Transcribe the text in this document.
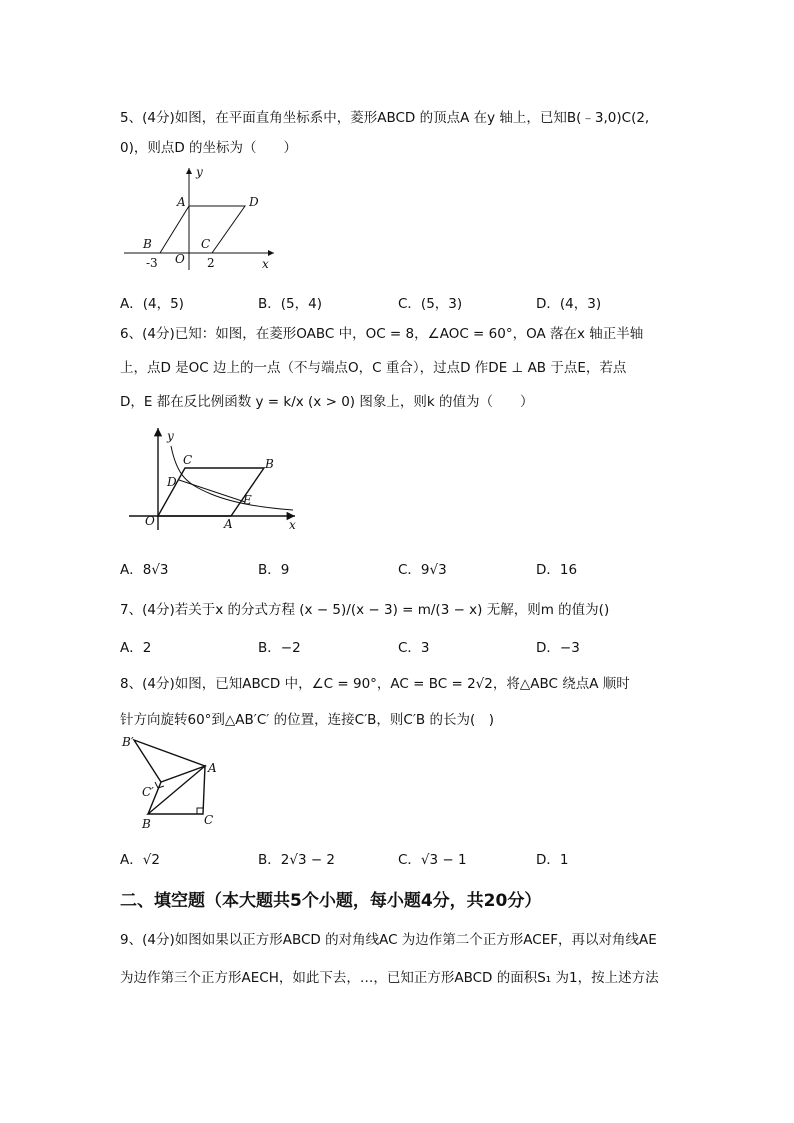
5、(4分)如图，在平面直角坐标系中，菱形ABCD 的顶点A 在y 轴上，已知B(﹣3,0)C(2,
0)，则点D 的坐标为（　　）
y
x
A	D
B	C
O
-3	2
A．(4，5)	B．(5，4)	C．(5，3)	D．(4，3)
6、(4分)已知：如图，在菱形OABC 中，OC = 8，∠AOC = 60°，OA 落在x 轴正半轴
上，点D 是OC 边上的一点（不与端点O，C 重合），过点D 作DE ⊥ AB 于点E，若点
D，E 都在反比例函数 y = k/x (x > 0) 图象上，则k 的值为（　　）
y
x
O	A
B
C
D
E
A．8√3	B．9	C．9√3	D．16
7、(4分)若关于x 的分式方程 (x − 5)/(x − 3) = m/(3 − x) 无解，则m 的值为()
A．2	B．−2	C．3	D．−3
8、(4分)如图，已知ABCD 中，∠C = 90°，AC = BC = 2√2，将△ABC 绕点A 顺时
针方向旋转60°到△AB′C′ 的位置，连接C′B，则C′B 的长为(　)
B′
A
C′
B	C
A．√2	B．2√3 − 2	C．√3 − 1	D．1
二、填空题（本大题共5个小题，每小题4分，共20分）
9、(4分)如图如果以正方形ABCD 的对角线AC 为边作第二个正方形ACEF，再以对角线AE
为边作第三个正方形AECH，如此下去，…，已知正方形ABCD 的面积S₁ 为1，按上述方法
